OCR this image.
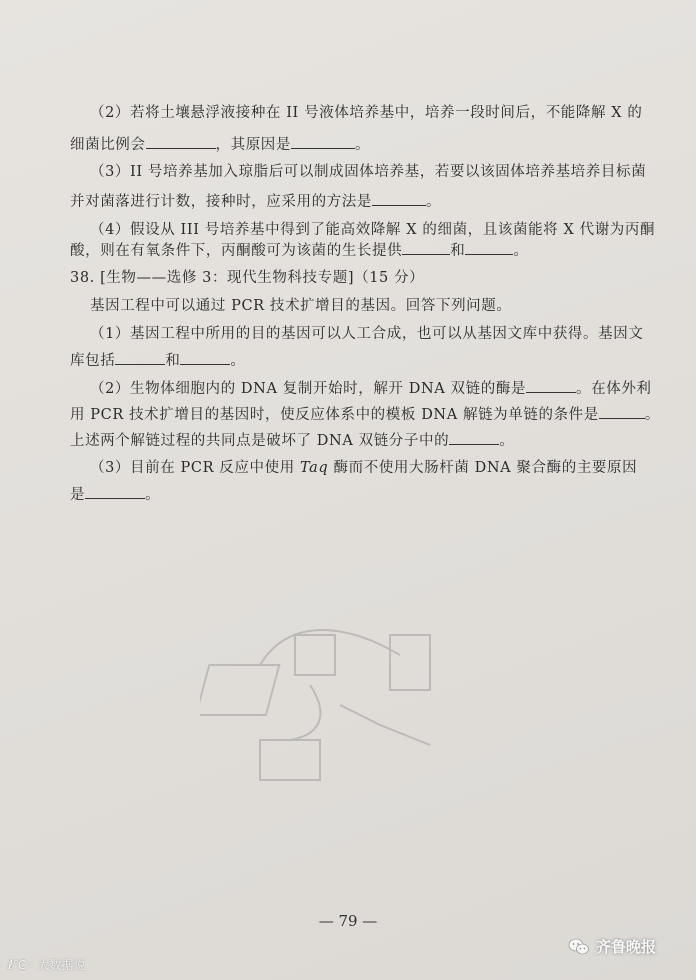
（2）若将土壤悬浮液接种在 II 号液体培养基中，培养一段时间后，不能降解 X 的
细菌比例会	，其原因是	。
（3）II 号培养基加入琼脂后可以制成固体培养基，若要以该固体培养基培养目标菌
并对菌落进行计数，接种时，应采用的方法是	。
（4）假设从 III 号培养基中得到了能高效降解 X 的细菌，且该菌能将 X 代谢为丙酮
酸，则在有氧条件下，丙酮酸可为该菌的生长提供	和	。
38. [生物——选修 3：现代生物科技专题]（15 分）
基因工程中可以通过 PCR 技术扩增目的基因。回答下列问题。
（1）基因工程中所用的目的基因可以人工合成，也可以从基因文库中获得。基因文
库包括	和	。
（2）生物体细胞内的 DNA 复制开始时，解开 DNA 双链的酶是	。在体外利
用 PCR 技术扩增目的基因时，使反应体系中的模板 DNA 解链为单链的条件是	。
上述两个解链过程的共同点是破坏了 DNA 双链分子中的	。
（3）目前在 PCR 反应中使用 Taq 酶而不使用大肠杆菌 DNA 聚合酶的主要原因
是	。
— 79 —
ℓ℃◦ 大数据说
齐鲁晚报
